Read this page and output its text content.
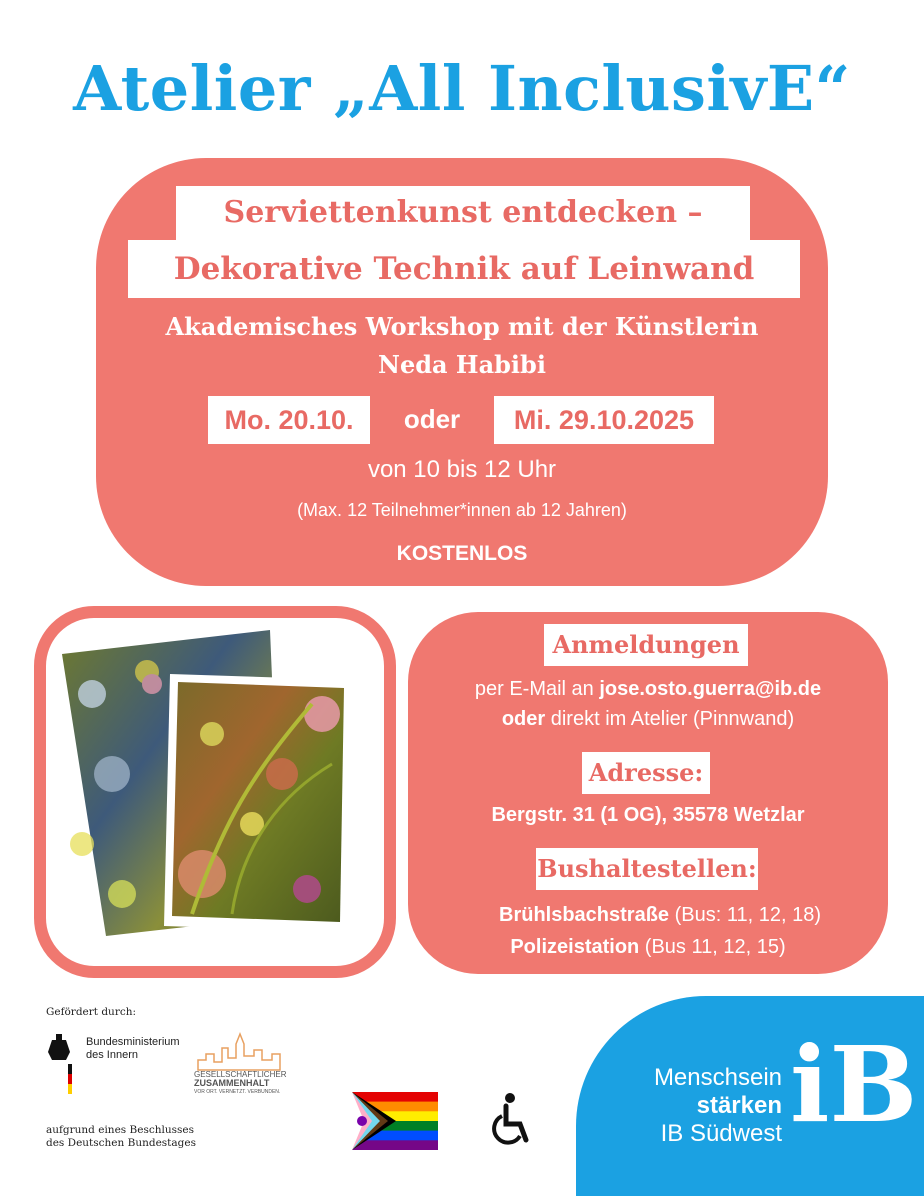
Atelier „All InclusivE“
Serviettenkunst entdecken –
Dekorative Technik auf Leinwand
Akademisches Workshop mit der Künstlerin
Neda Habibi
Mo. 20.10.	oder	Mi. 29.10.2025
von 10 bis 12 Uhr
(Max. 12 Teilnehmer*innen ab 12 Jahren)
KOSTENLOS
Anmeldungen
per E-Mail an jose.osto.guerra@ib.de
oder direkt im Atelier (Pinnwand)
Adresse:
Bergstr. 31 (1 OG), 35578 Wetzlar
Bushaltestellen:
Brühlsbachstraße (Bus: 11, 12, 18)
Polizeistation (Bus 11, 12, 15)
Gefördert durch:
Bundesministerium
des Innern
aufgrund eines Beschlusses
des Deutschen Bundestages
GESELLSCHAFTLICHER
ZUSAMMENHALT
VOR ORT. VERNETZT. VERBUNDEN.
Menschsein
stärken
IB Südwest iB
